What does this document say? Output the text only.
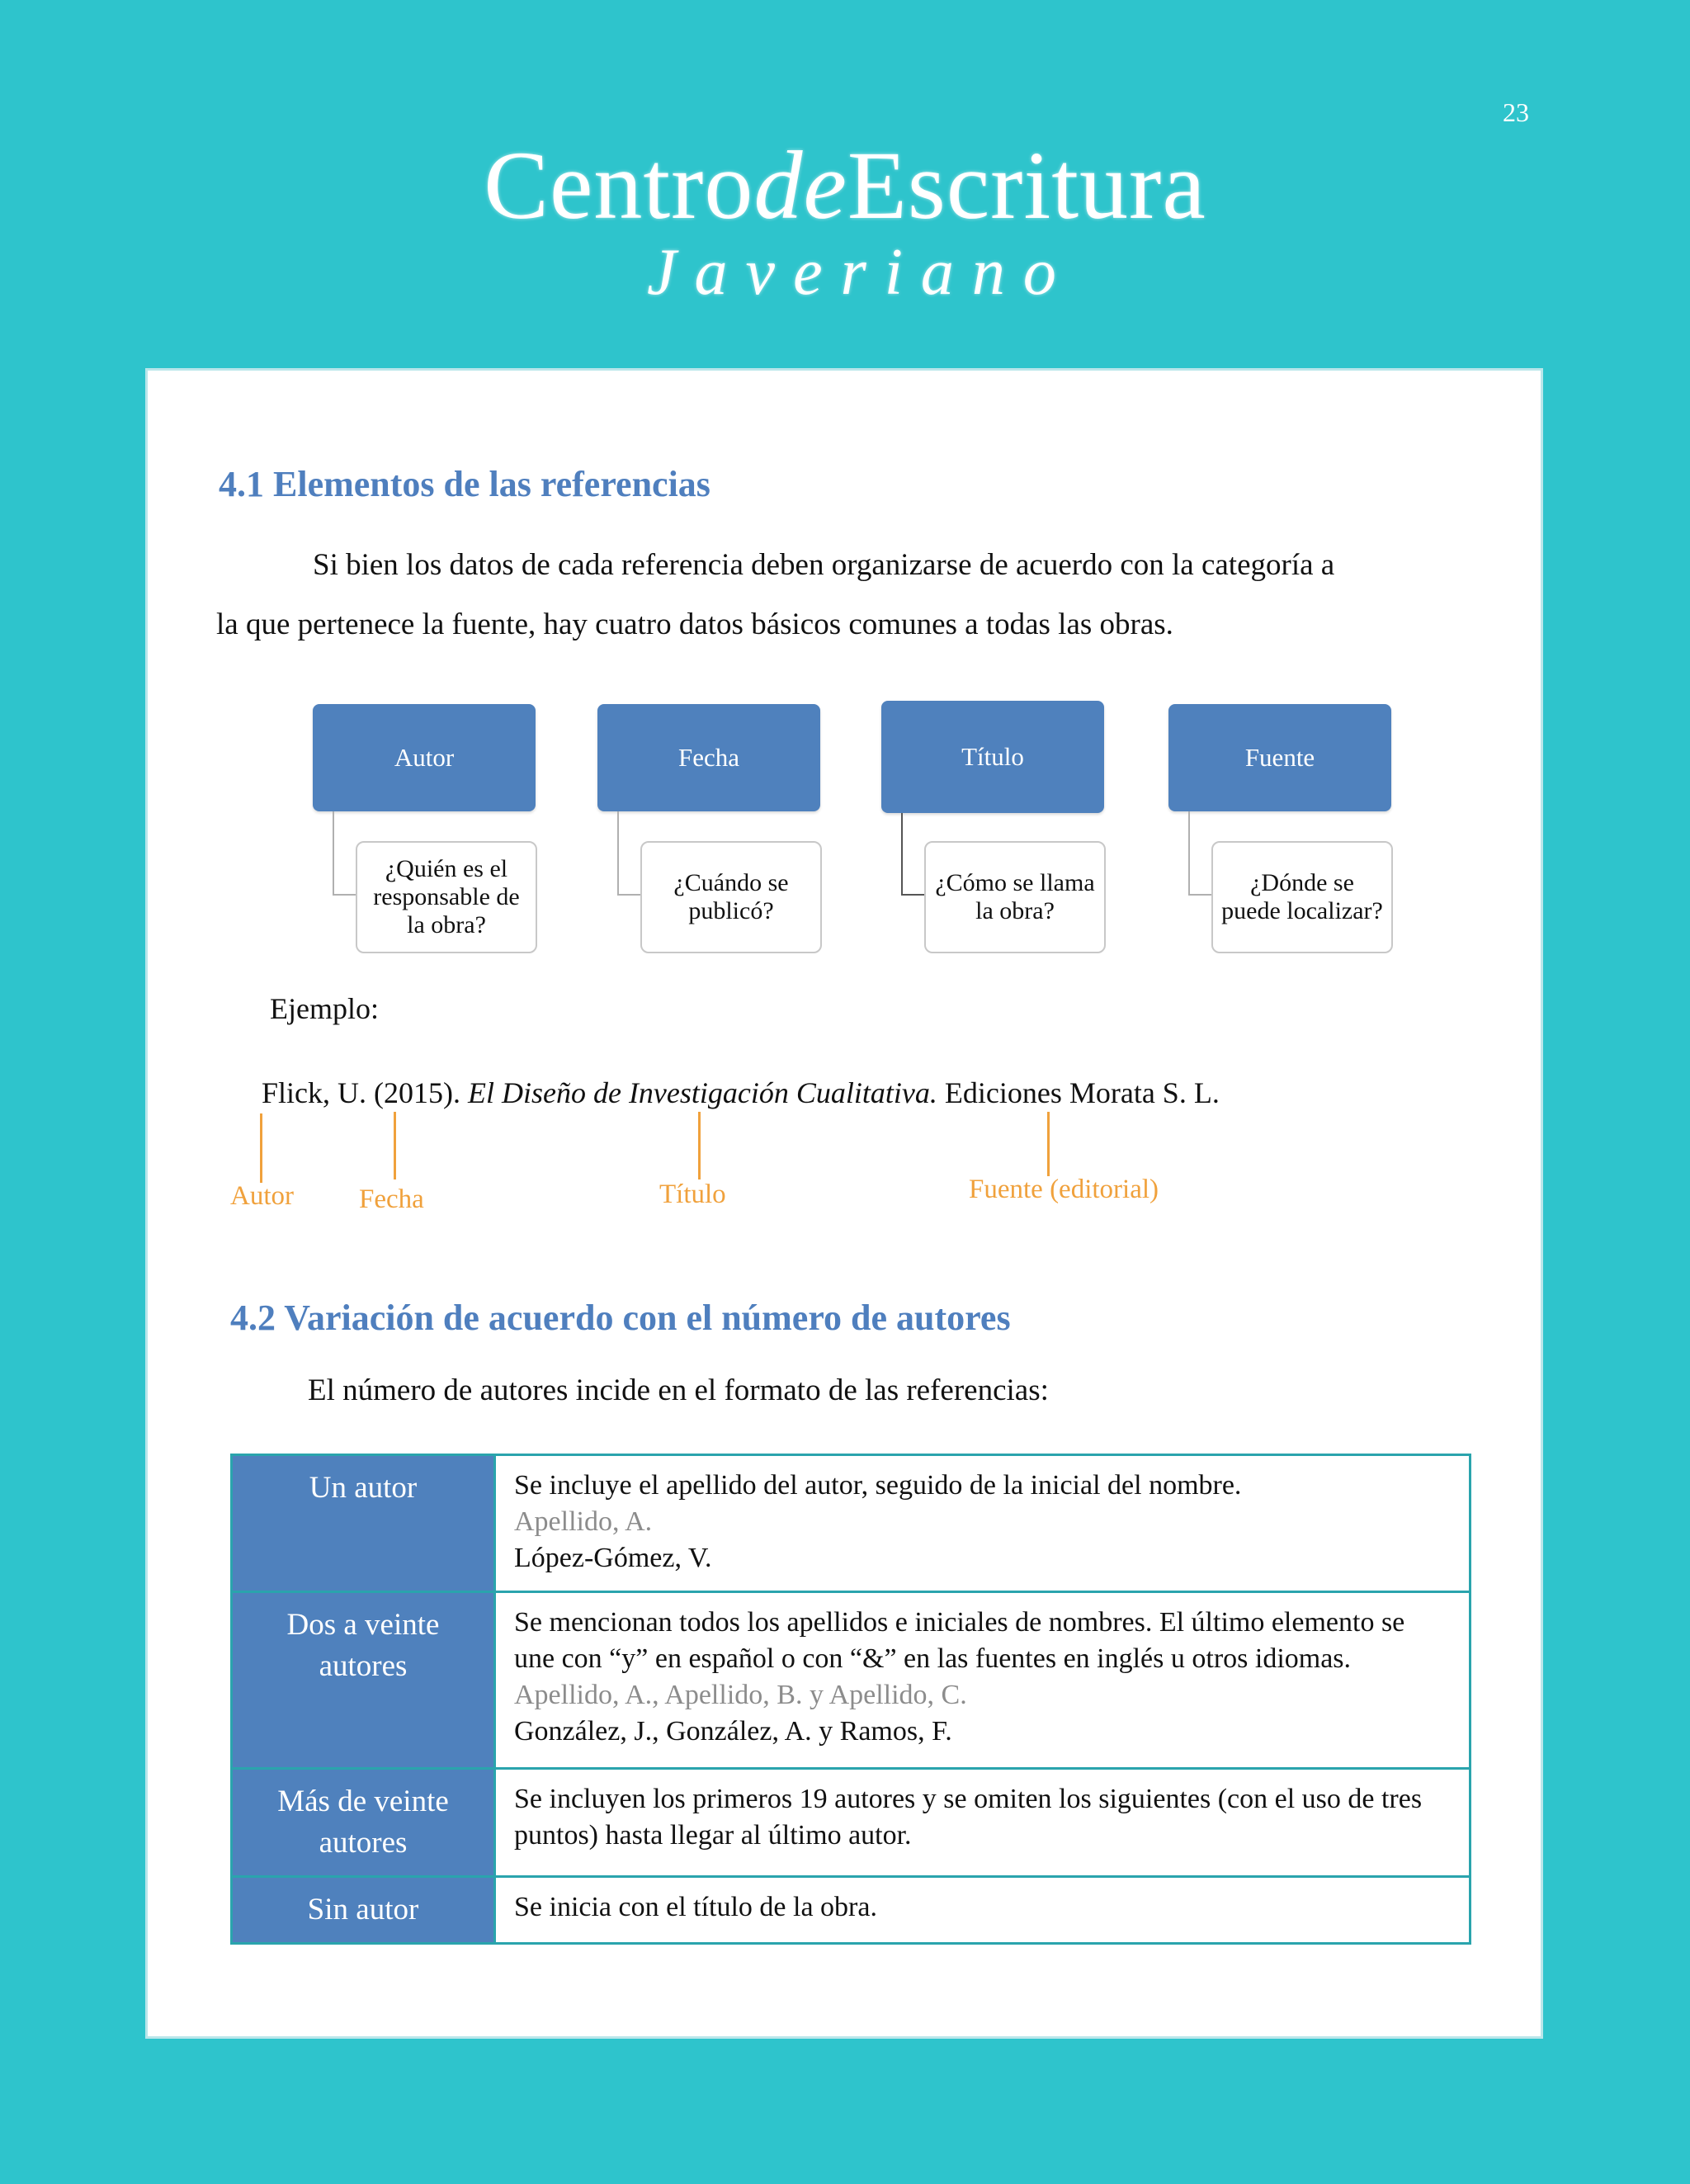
23
CentrodeEscritura
Javeriano
4.1 Elementos de las referencias
Si bien los datos de cada referencia deben organizarse de acuerdo con la categoría a
la que pertenece la fuente, hay cuatro datos básicos comunes a todas las obras.
Autor
¿Quién es el responsable de la obra?
Fecha
¿Cuándo se publicó?
Título
¿Cómo se llama la obra?
Fuente
¿Dónde se puede localizar?
Ejemplo:
Flick, U. (2015). El Diseño de Investigación Cualitativa. Ediciones Morata S. L.
Autor Fecha	Título	Fuente (editorial)
4.2 Variación de acuerdo con el número de autores
El número de autores incide en el formato de las referencias:
Un autor	Se incluye el apellido del autor, seguido de la inicial del nombre.
Apellido, A.
López-Gómez, V.

Dos a veinte autores	Se mencionan todos los apellidos e iniciales de nombres. El último elemento se une con “y” en español o con “&” en las fuentes en inglés u otros idiomas.
Apellido, A., Apellido, B. y Apellido, C.
González, J., González, A. y Ramos, F.

Más de veinte autores	Se incluyen los primeros 19 autores y se omiten los siguientes (con el uso de tres puntos) hasta llegar al último autor.

Sin autor	Se inicia con el título de la obra.
